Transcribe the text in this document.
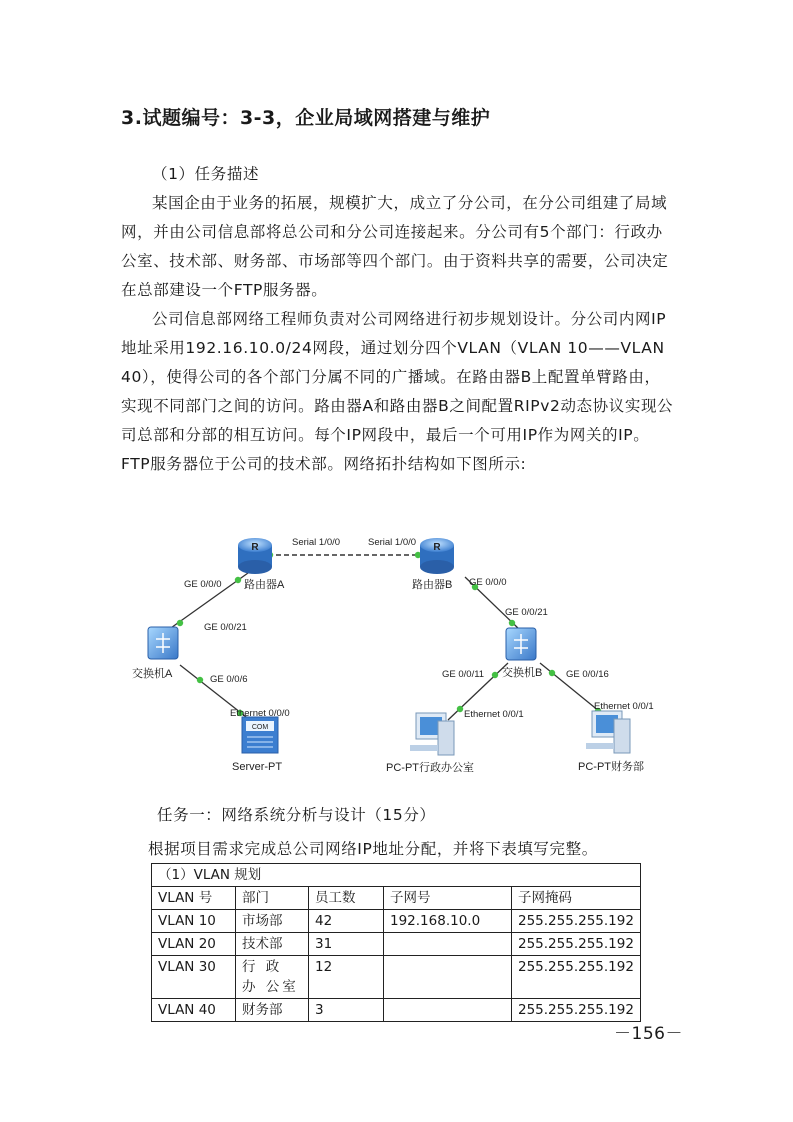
3.试题编号：3-3，企业局域网搭建与维护

（1）任务描述

某国企由于业务的拓展，规模扩大，成立了分公司，在分公司组建了局域网，并由公司信息部将总公司和分公司连接起来。分公司有5个部门：行政办公室、技术部、财务部、市场部等四个部门。由于资料共享的需要，公司决定在总部建设一个FTP服务器。

公司信息部网络工程师负责对公司网络进行初步规划设计。分公司内网IP地址采用192.16.10.0/24网段，通过划分四个VLAN（VLAN 10——VLAN 40），使得公司的各个部门分属不同的广播域。在路由器B上配置单臂路由，实现不同部门之间的访问。路由器A和路由器B之间配置RIPv2动态协议实现公司总部和分部的相互访问。每个IP网段中，最后一个可用IP作为网关的IP。FTP服务器位于公司的技术部。网络拓扑结构如下图所示:

R
路由器A
R
路由器B
交换机A	交换机B
COM
Server-PT	PC-PT行政办公室	PC-PT财务部
Serial 1/0/0	Serial 1/0/0
GE 0/0/0
GE 0/0/21
GE 0/0/6
Ethernet 0/0/0
GE 0/0/0
GE 0/0/21
GE 0/0/11	GE 0/0/16
Ethernet 0/0/1
Ethernet 0/0/1
任务一：网络系统分析与设计（15分）
根据项目需求完成总公司网络IP地址分配，并将下表填写完整。
（1）VLAN 规划				
VLAN 号	部门	员工数	子网号	子网掩码
VLAN 10	市场部	42	192.168.10.0	255.255.255.192
VLAN 20	技术部	31		255.255.255.192
VLAN 30	行 政 办 公室	12		255.255.255.192
VLAN 40	财务部	3		255.255.255.192
－156－
